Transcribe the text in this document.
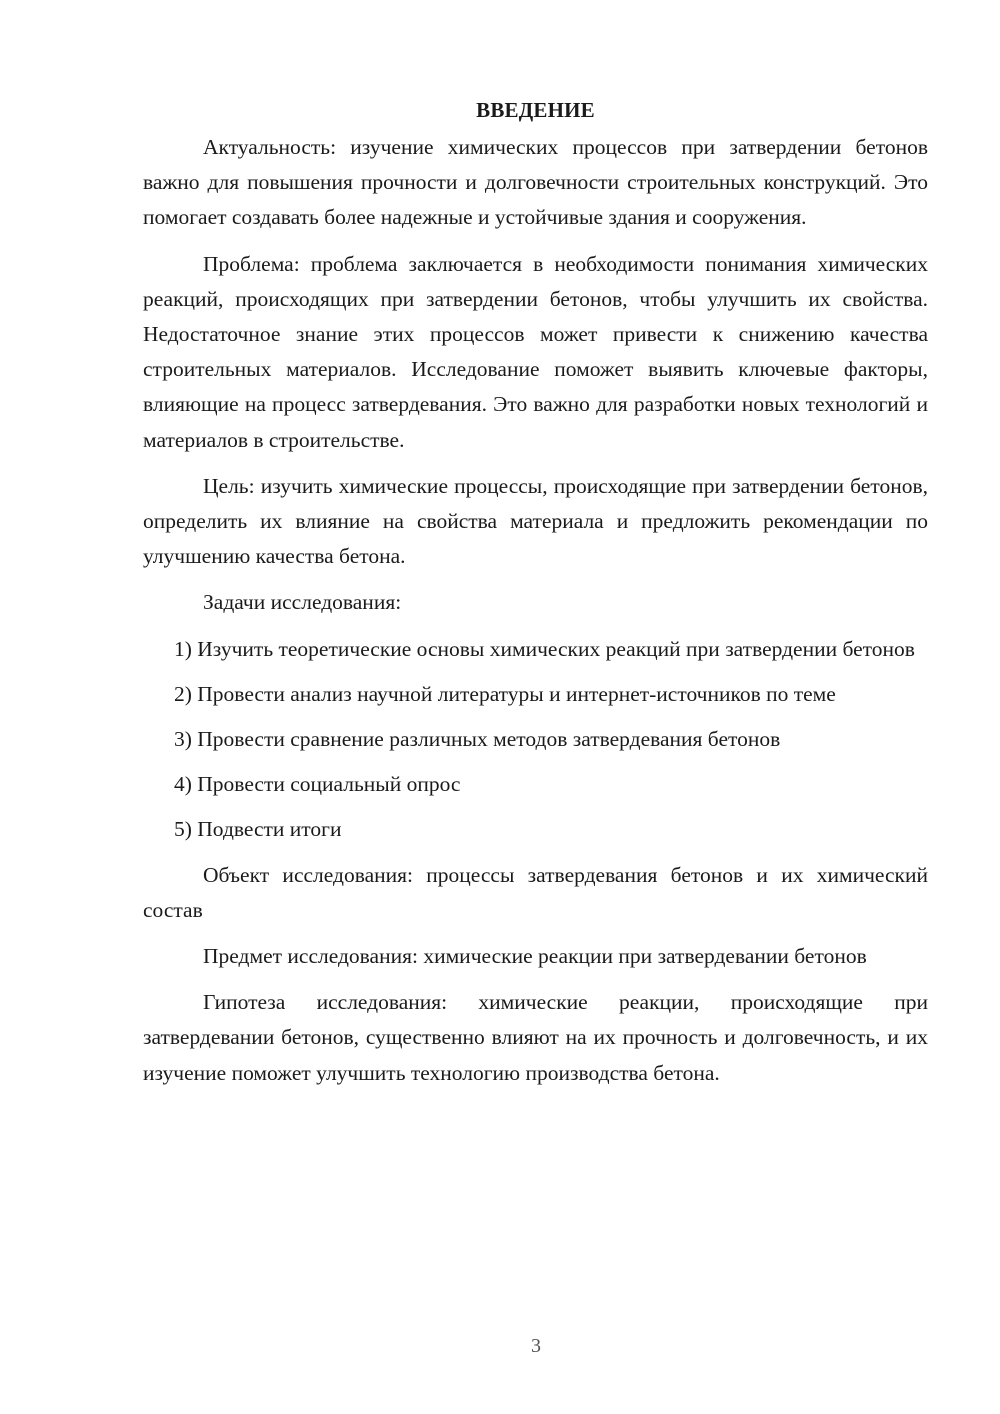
ВВЕДЕНИЕ

Актуальность: изучение химических процессов при затвердении бетонов важно для повышения прочности и долговечности строительных конструкций. Это помогает создавать более надежные и устойчивые здания и сооружения.

Проблема: проблема заключается в необходимости понимания химических реакций, происходящих при затвердении бетонов, чтобы улучшить их свойства. Недостаточное знание этих процессов может привести к снижению качества строительных материалов. Исследование поможет выявить ключевые факторы, влияющие на процесс затвердевания. Это важно для разработки новых технологий и материалов в строительстве.

Цель: изучить химические процессы, происходящие при затвердении бетонов, определить их влияние на свойства материала и предложить рекомендации по улучшению качества бетона.

Задачи исследования:

1) Изучить теоретические основы химических реакций при затвердении бетонов

2) Провести анализ научной литературы и интернет-источников по теме

3) Провести сравнение различных методов затвердевания бетонов

4) Провести социальный опрос

5) Подвести итоги

Объект исследования: процессы затвердевания бетонов и их химический состав

Предмет исследования: химические реакции при затвердевании бетонов

Гипотеза исследования: химические реакции, происходящие при затвердевании бетонов, существенно влияют на их прочность и долговечность, и их изучение поможет улучшить технологию производства бетона.

3
